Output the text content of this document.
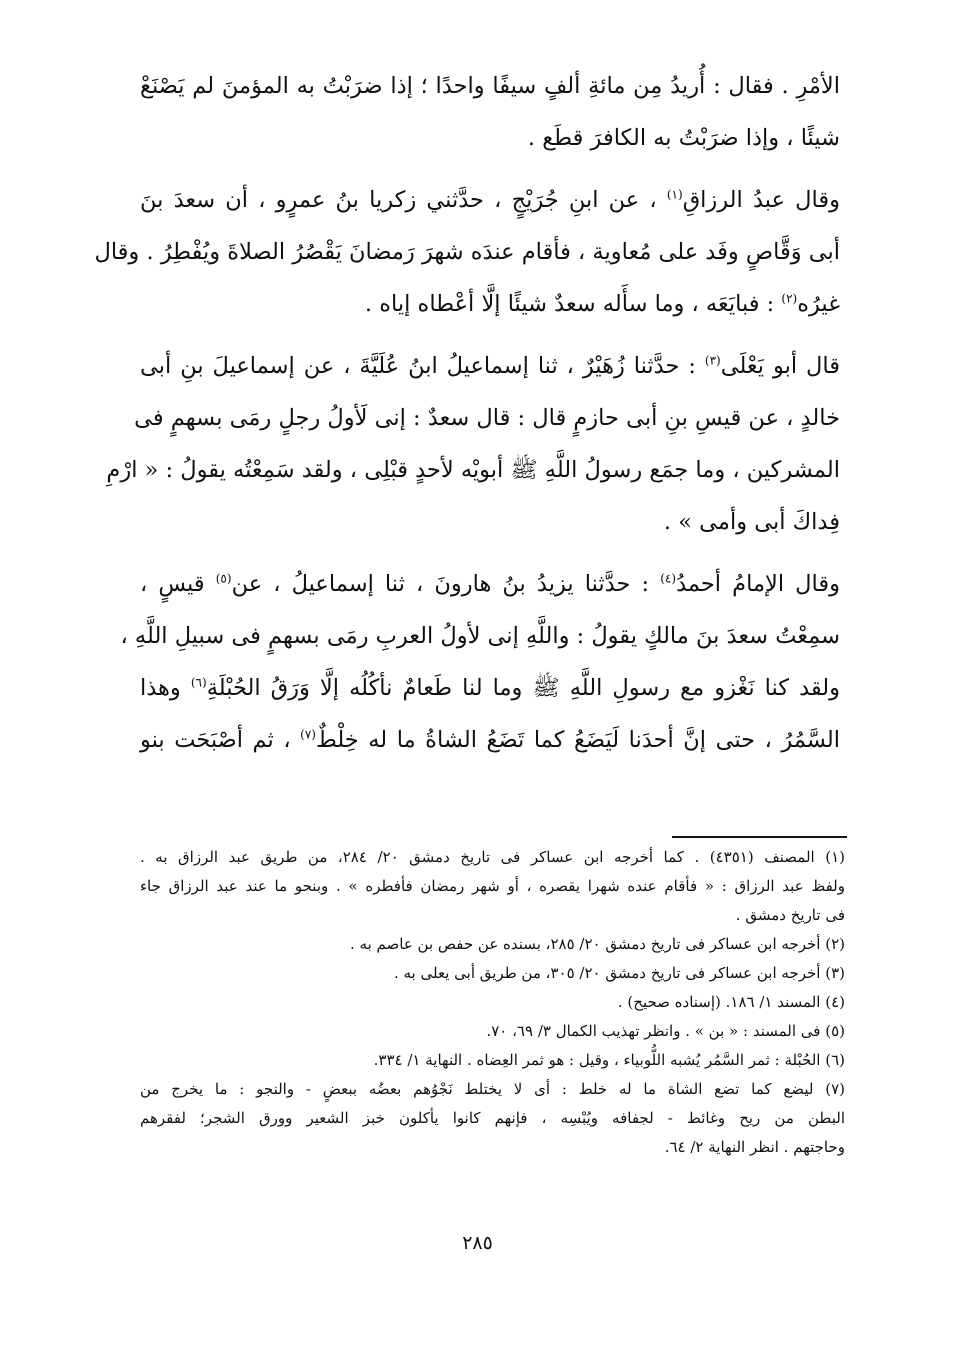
الأمْرِ . فقال : أُريدُ مِن مائةِ ألفٍ سيفًا واحدًا ؛ إذا ضرَبْتُ به المؤمنَ لم يَصْنَعْ
شيئًا ، وإذا ضرَبْتُ به الكافرَ قطَع .
وقال عبدُ الرزاقِ$^{(١)}$ ، عن ابنِ جُرَيْجٍ ، حدَّثني زكريا بنُ عمرٍو ، أن سعدَ بنَ
أبى وَقَّاصٍ وفَد على مُعاوية ، فأقام عندَه شهرَ رَمضانَ يَقْصُرُ الصلاةَ ويُفْطِرُ . وقال
غيرُه$^{(٢)}$ : فبايَعَه ، وما سأَله سعدٌ شيئًا إلَّا أعْطاه إياه .
قال أبو يَعْلَى$^{(٣)}$ : حدَّثنا زُهَيْرٌ ، ثنا إسماعيلُ ابنُ عُلَيَّةَ ، عن إسماعيلَ بنِ أبى
خالدٍ ، عن قيسِ بنِ أبى حازمٍ قال : قال سعدٌ : إنى لَأولُ رجلٍ رمَى بسهمٍ فى
المشركين ، وما جمَع رسولُ اللَّهِ ﷺ أبويْه لأحدٍ قبْلِى ، ولقد سَمِعْتُه يقولُ : « ارْمِ
فِداكَ أبى وأمى » .
وقال الإمامُ أحمدُ$^{(٤)}$ : حدَّثنا يزيدُ بنُ هارونَ ، ثنا إسماعيلُ ، عن$^{(٥)}$ قيسٍ ،
سمِعْتُ سعدَ بنَ مالكٍ يقولُ : واللَّهِ إنى لأولُ العربِ رمَى بسهمٍ فى سبيلِ اللَّهِ ،
ولقد كنا نَغْزو مع رسولِ اللَّهِ ﷺ وما لنا طَعامٌ نأكُلُه إلَّا وَرَقُ الحُبْلَةِ$^{(٦)}$ وهذا
السَّمُرُ ، حتى إنَّ أحدَنا لَيَضَعُ كما تَضَعُ الشاةُ ما له خِلْطٌ$^{(٧)}$ ، ثم أصْبَحَت بنو
(١) المصنف (٤٣٥١) . كما أخرجه ابن عساكر فى تاريخ دمشق ٢٠/ ٢٨٤، من طريق عبد الرزاق به .
ولفظ عبد الرزاق : « فأقام عنده شهرا يقصره ، أو شهر رمضان فأفطره » . وبنحو ما عند عبد الرزاق جاء
فى تاريخ دمشق .
(٢) أخرجه ابن عساكر فى تاريخ دمشق ٢٠/ ٢٨٥، بسنده عن حفص بن عاصم به .
(٣) أخرجه ابن عساكر فى تاريخ دمشق ٢٠/ ٣٠٥، من طريق أبى يعلى به .
(٤) المسند ١/ ١٨٦. (إسناده صحيح) .
(٥) فى المسند : « بن » . وانظر تهذيب الكمال ٣/ ٦٩، ٧٠.
(٦) الحُبْلة : ثمر السَّمُر يُشبه اللُّوبياء ، وقيل : هو ثمر العِضاه . النهاية ١/ ٣٣٤.
(٧) ليضع كما تضع الشاة ما له خلط : أى لا يختلط نَجْوُهم بعضُه ببعضٍ - والنجو : ما يخرج من
البطن من ريح وغائط - لجفافه ويُبْسِه ، فإنهم كانوا يأكلون خبز الشعير وورق الشجر؛ لفقرهم
وحاجتهم . انظر النهاية ٢/ ٦٤.
٢٨٥
